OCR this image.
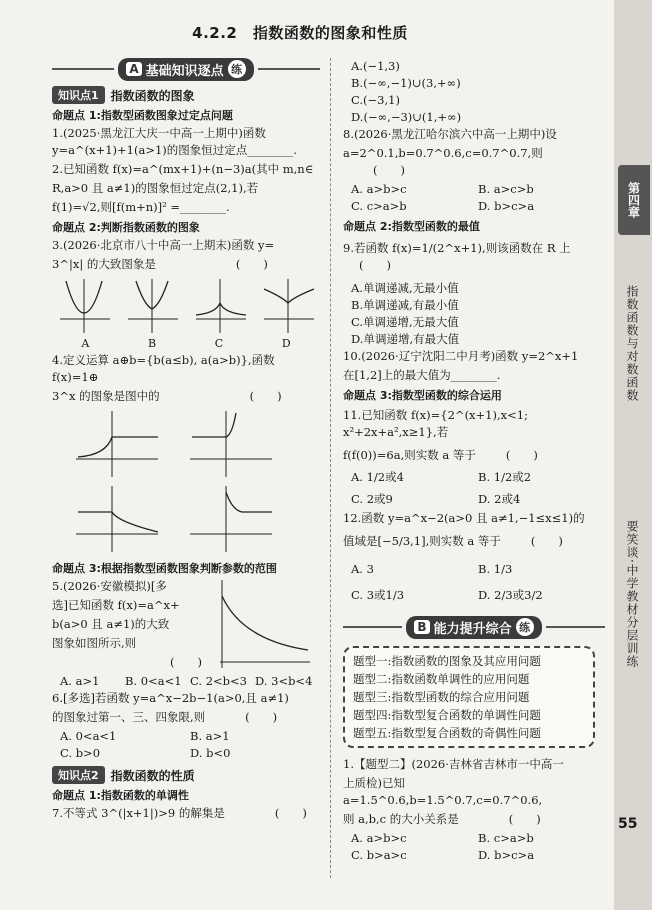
4.2.2　指数函数的图象和性质
A 基础知识逐点 练
知识点1	指数函数的图象
命题点 1:指数型函数图象过定点问题
1.(2025·黑龙江大庆一中高一上期中)函数 y=a^(x+1)+1(a>1)的图象恒过定点________.
2.已知函数 f(x)=a^(mx+1)+(n−3)a(其中 m,n∈
R,a>0 且 a≠1)的图象恒过定点(2,1),若
f(1)=√2,则[f(m+n)]² =________.
命题点 2:判断指数函数的图象
3.(2026·北京市八十中高一上期末)函数 y=
3^|x| 的大致图象是	(　　)
A	B	C	D
4.定义运算 a⊕b={b(a≤b), a(a>b)},函数 f(x)=1⊕
3^x 的图象是图中的	(　　)
命题点 3:根据指数型函数图象判断参数的范围
5.(2026·安徽模拟)[多
选]已知函数 f(x)=a^x+
b(a>0 且 a≠1)的大致
图象如图所示,则
(　　)
A. a>1	B. 0<a<1 C. 2<b<3 D. 3<b<4
6.[多选]若函数 y=a^x−2b−1(a>0,且 a≠1)
的图象过第一、三、四象限,则	(　　)
A. 0<a<1	B. a>1
C. b>0	D. b<0
知识点2	指数函数的性质
命题点 1:指数函数的单调性
7.不等式 3^(|x+1|)>9 的解集是	(　　)
A.(−1,3)
B.(−∞,−1)∪(3,+∞)
C.(−3,1)
D.(−∞,−3)∪(1,+∞)
8.(2026·黑龙江哈尔滨六中高一上期中)设
a=2^0.1,b=0.7^0.6,c=0.7^0.7,则(　　)
A. a>b>c	B. a>c>b
C. c>a>b	D. b>c>a
命题点 2:指数型函数的最值
9.若函数 f(x)=1/(2^x+1),则该函数在 R 上(　　)
A.单调递减,无最小值
B.单调递减,有最小值
C.单调递增,无最大值
D.单调递增,有最大值
10.(2026·辽宁沈阳二中月考)函数 y=2^x+1
在[1,2]上的最大值为________.
命题点 3:指数型函数的综合运用
11.已知函数 f(x)={2^(x+1),x<1; x²+2x+a²,x≥1},若
f(f(0))=6a,则实数 a 等于	(　　)
A. 1/2或4	B. 1/2或2
C. 2或9	D. 2或4
12.函数 y=a^x−2(a>0 且 a≠1,−1≤x≤1)的
值域是[−5/3,1],则实数 a 等于	(　　)
A. 3	B. 1/3
C. 3或1/3	D. 2/3或3/2
B 能力提升综合 练
题型一:指数函数的图象及其应用问题
题型二:指数函数单调性的应用问题
题型三:指数型函数的综合应用问题
题型四:指数型复合函数的单调性问题
题型五:指数型复合函数的奇偶性问题
1.【题型二】(2026·吉林省吉林市一中高一
上质检)已知 a=1.5^0.6,b=1.5^0.7,c=0.7^0.6,
则 a,b,c 的大小关系是	(　　)
A. a>b>c	B. c>a>b
C. b>a>c	D. b>c>a
第四章
指数函数与对数函数
要笑谈·中学教材分层训练
55
